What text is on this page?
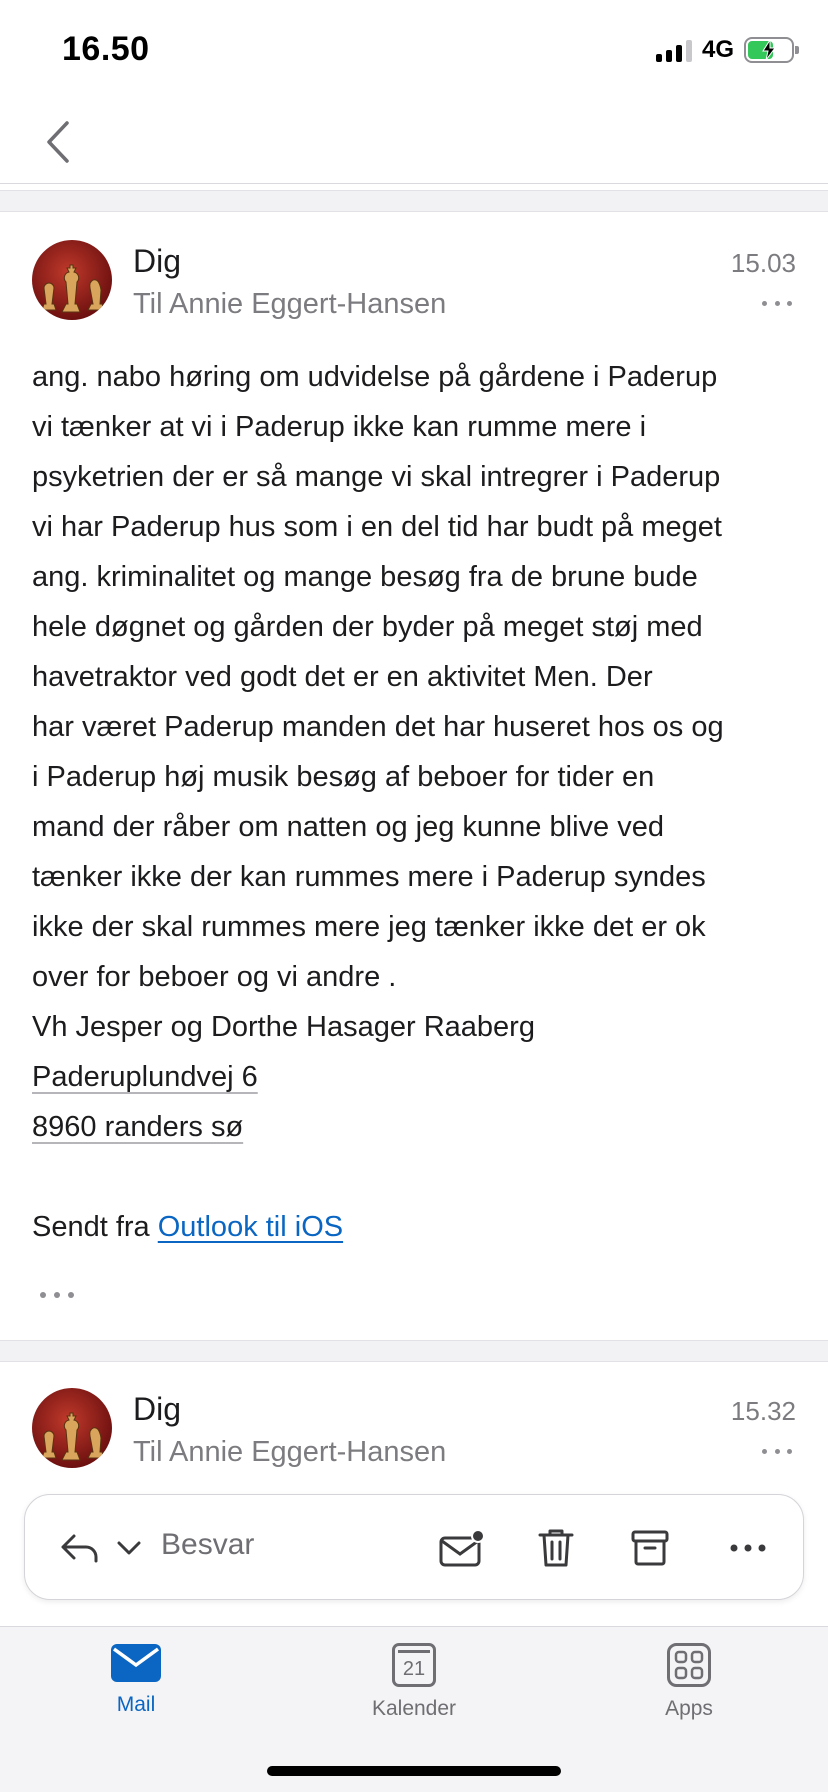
16.50	4G
Dig
Til Annie Eggert-Hansen
15.03

ang. nabo høring om udvidelse på gårdene i Paderup

vi tænker at vi i Paderup ikke kan rumme mere i

psyketrien der er så mange vi skal intregrer i Paderup

vi har Paderup hus som i en del tid har budt på meget

ang. kriminalitet og mange besøg fra de brune bude

hele døgnet og gården der byder på meget støj med

havetraktor ved godt det er en aktivitet Men. Der

har været Paderup manden det har huseret hos os og

i Paderup høj musik besøg af beboer for tider en

mand der råber om natten og jeg kunne blive ved

tænker ikke der kan rummes mere i Paderup syndes

ikke der skal rummes mere jeg tænker ikke det er ok

over for beboer og vi andre .

Vh Jesper og Dorthe Hasager Raaberg

Paderuplundvej 6

8960 randers sø

Sendt fra Outlook til iOS

Dig
Til Annie Eggert-Hansen
15.32
Besvar
Mail
21
Kalender	Apps
